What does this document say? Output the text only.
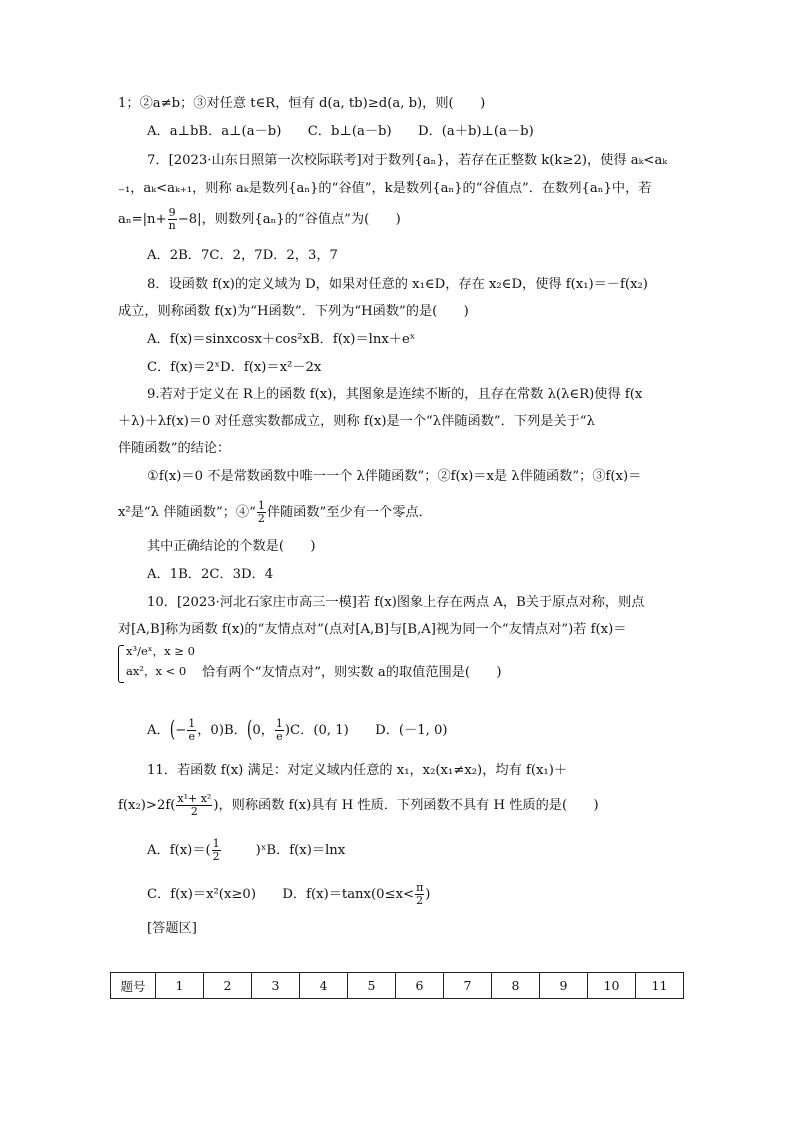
1；②a≠b；③对任意 t∈R，恒有 d(a, tb)≥d(a, b)，则(　　)
A．a⊥bB．a⊥(a－b)　　C．b⊥(a－b)　　D．(a＋b)⊥(a－b)
7．[2023·山东日照第一次校际联考]对于数列{aₙ}，若存在正整数 k(k≥2)，使得 aₖ<aₖ
₋₁，aₖ<aₖ₊₁，则称 aₖ是数列{aₙ}的“谷值”，k是数列{aₙ}的“谷值点”．在数列{aₙ}中，若
$a_n=|n+ \frac{9}{n} -8|$，则数列{aₙ}的“谷值点”为(　　)
A．2B．7C．2，7D．2，3，7
8．设函数 f(x)的定义域为 D，如果对任意的 x₁∈D，存在 x₂∈D，使得 f(x₁)＝－f(x₂)
成立，则称函数 f(x)为“H函数”．下列为“H函数”的是(　　)
A．f(x)＝sinxcosx＋cos²xB．f(x)＝lnx＋eˣ
C．f(x)＝2ˣD．f(x)＝x²－2x
9.若对于定义在 R上的函数 f(x)，其图象是连续不断的，且存在常数 λ(λ∈R)使得 f(x
＋λ)＋λf(x)＝0 对任意实数都成立，则称 f(x)是一个“λ伴随函数”．下列是关于“λ
伴随函数”的结论：
①f(x)＝0 不是常数函数中唯一一个 λ伴随函数”；②f(x)＝x是 λ伴随函数”；③f(x)＝
x²是“λ 伴随函数”；④“ $\frac{1}{2}$ 伴随函数”至少有一个零点．
其中正确结论的个数是(　　)
A．1B．2C．3D．4
10．[2023·河北石家庄市高三一模]若 f(x)图象上存在两点 A，B关于原点对称，则点
对[A,B]称为函数 f(x)的“友情点对”(点对[A,B]与[B,A]视为同一个“友情点对”)若 f(x)＝
x³/eˣ，x ≥ 0
ax²，x < 0 恰有两个“友情点对”，则实数 a的取值范围是(　　)
A．(− $\frac{1}{e}$ ，0)B．(0， $\frac{1}{e} )C$．(0, 1)　　D．(－1, 0)
11．若函数 f(x) 满足：对定义域内任意的 x₁，x₂(x₁≠x₂)，均有 f(x₁)＋
$f(x_2)>2f( \frac{\text{x¹+ x²}}{2}$ )，则称函数 f(x)具有 H 性质．下列函数不具有 H 性质的是(　　)
A．$f(x)=( \frac{1}{2}$	)ˣB．f(x)＝lnx
C．f(x)＝x²(x≥0)　　D．$f(x)=\tan x(0\le x< \frac{\pi}{2}$ )
[答题区]
题号	1	2	3	4	5	6	7	8	9	10	11
